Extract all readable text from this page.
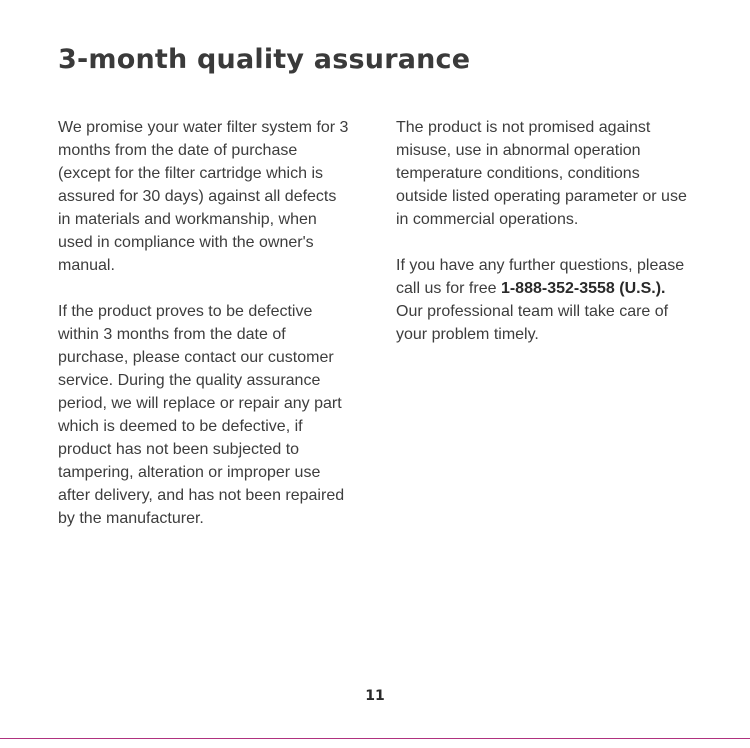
3-month quality assurance

We promise your water filter system for 3 months from the date of purchase (except for the filter cartridge which is assured for 30 days) against all defects in materials and workmanship, when used in compliance with the owner's manual.

If the product proves to be defective within 3 months from the date of purchase, please contact our customer service. During the quality assurance period, we will replace or repair any part which is deemed to be defective, if product has not been subjected to tampering, alteration or improper use after delivery, and has not been repaired by the manufacturer.

The product is not promised against misuse, use in abnormal operation temperature conditions, conditions outside listed operating parameter or use in commercial operations.

If you have any further questions, please call us for free 1-888-352-3558 (U.S.).
Our professional team will take care of your problem timely.

11
